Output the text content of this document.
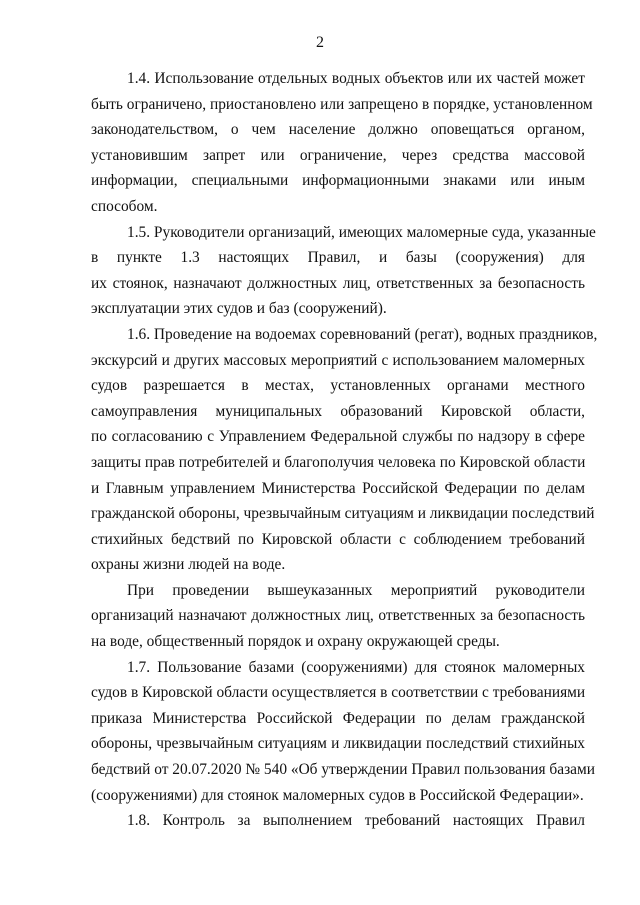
2
1.4. Использование отдельных водных объектов или их частей может
быть ограничено, приостановлено или запрещено в порядке, установленном
законодательством, о чем население должно оповещаться органом,
установившим запрет или ограничение, через средства массовой
информации, специальными информационными знаками или иным
способом.
1.5. Руководители организаций, имеющих маломерные суда, указанные
в пункте 1.3 настоящих Правил, и базы (сооружения) для
их стоянок, назначают должностных лиц, ответственных за безопасность
эксплуатации этих судов и баз (сооружений).
1.6. Проведение на водоемах соревнований (регат), водных праздников,
экскурсий и других массовых мероприятий с использованием маломерных
судов разрешается в местах, установленных органами местного
самоуправления муниципальных образований Кировской области,
по согласованию с Управлением Федеральной службы по надзору в сфере
защиты прав потребителей и благополучия человека по Кировской области
и Главным управлением Министерства Российской Федерации по делам
гражданской обороны, чрезвычайным ситуациям и ликвидации последствий
стихийных бедствий по Кировской области с соблюдением требований
охраны жизни людей на воде.
При проведении вышеуказанных мероприятий руководители
организаций назначают должностных лиц, ответственных за безопасность
на воде, общественный порядок и охрану окружающей среды.
1.7. Пользование базами (сооружениями) для стоянок маломерных
судов в Кировской области осуществляется в соответствии с требованиями
приказа Министерства Российской Федерации по делам гражданской
обороны, чрезвычайным ситуациям и ликвидации последствий стихийных
бедствий от 20.07.2020 № 540 «Об утверждении Правил пользования базами
(сооружениями) для стоянок маломерных судов в Российской Федерации».
1.8. Контроль за выполнением требований настоящих Правил
